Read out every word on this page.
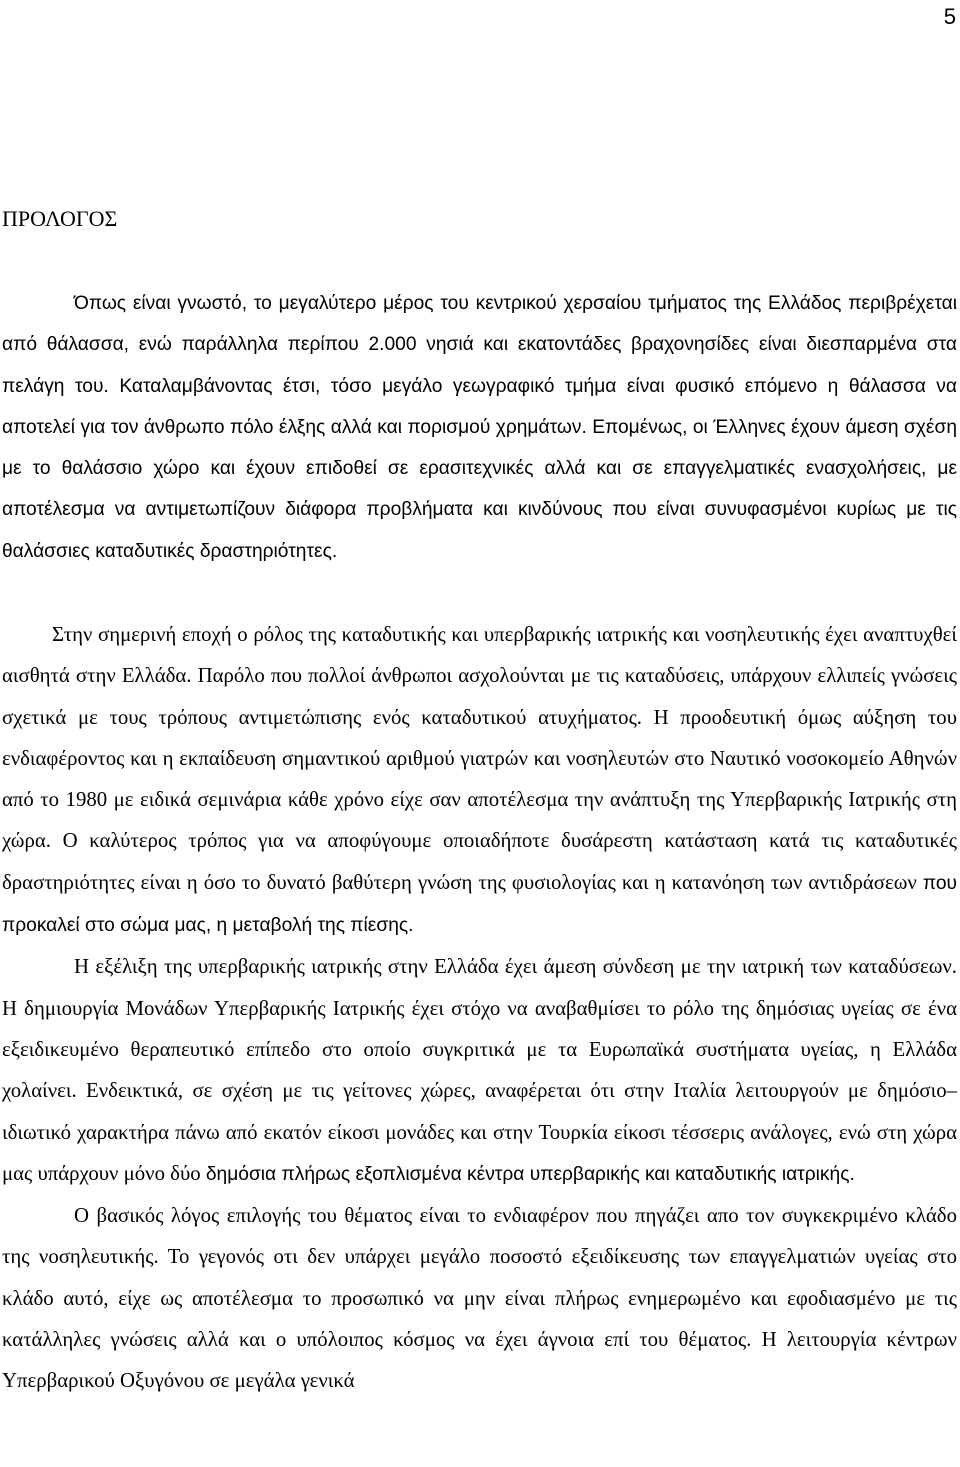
5
ΠΡΟΛΟΓΟΣ

Όπως είναι γνωστό, το μεγαλύτερο μέρος του κεντρικού χερσαίου τμήματος της Ελλάδος περιβρέχεται από θάλασσα, ενώ παράλληλα περίπου 2.000 νησιά και εκατοντάδες βραχονησίδες είναι διεσπαρμένα στα πελάγη του. Καταλαμβάνοντας έτσι, τόσο μεγάλο γεωγραφικό τμήμα είναι φυσικό επόμενο η θάλασσα να αποτελεί για τον άνθρωπο πόλο έλξης αλλά και πορισμού χρημάτων. Επομένως, οι Έλληνες έχουν άμεση σχέση με το θαλάσσιο χώρο και έχουν επιδοθεί σε ερασιτεχνικές αλλά και σε επαγγελματικές ενασχολήσεις, με αποτέλεσμα να αντιμετωπίζουν διάφορα προβλήματα και κινδύνους που είναι συνυφασμένοι κυρίως με τις θαλάσσιες καταδυτικές δραστηριότητες.

Στην σημερινή εποχή ο ρόλος της καταδυτικής και υπερβαρικής ιατρικής και νοσηλευτικής έχει αναπτυχθεί αισθητά στην Ελλάδα. Παρόλο που πολλοί άνθρωποι ασχολούνται με τις καταδύσεις, υπάρχουν ελλιπείς γνώσεις σχετικά με τους τρόπους αντιμετώπισης ενός καταδυτικού ατυχήματος. Η προοδευτική όμως αύξηση του ενδιαφέροντος και η εκπαίδευση σημαντικού αριθμού γιατρών και νοσηλευτών στο Ναυτικό νοσοκομείο Αθηνών από το 1980 με ειδικά σεμινάρια κάθε χρόνο είχε σαν αποτέλεσμα την ανάπτυξη της Υπερβαρικής Ιατρικής στη χώρα. Ο καλύτερος τρόπος για να αποφύγουμε οποιαδήποτε δυσάρεστη κατάσταση κατά τις καταδυτικές δραστηριότητες είναι η όσο το δυνατό βαθύτερη γνώση της φυσιολογίας και η κατανόηση των αντιδράσεων που προκαλεί στο σώμα μας, η μεταβολή της πίεσης.

Η εξέλιξη της υπερβαρικής ιατρικής στην Ελλάδα έχει άμεση σύνδεση με την ιατρική των καταδύσεων. Η δημιουργία Μονάδων Υπερβαρικής Ιατρικής έχει στόχο να αναβαθμίσει το ρόλο της δημόσιας υγείας σε ένα εξειδικευμένο θεραπευτικό επίπεδο στο οποίο συγκριτικά με τα Ευρωπαϊκά συστήματα υγείας, η Ελλάδα χολαίνει. Ενδεικτικά, σε σχέση με τις γείτονες χώρες, αναφέρεται ότι στην Ιταλία λειτουργούν με δημόσιο– ιδιωτικό χαρακτήρα πάνω από εκατόν είκοσι μονάδες και στην Τουρκία είκοσι τέσσερις ανάλογες, ενώ στη χώρα μας υπάρχουν μόνο δύο δημόσια πλήρως εξοπλισμένα κέντρα υπερβαρικής και καταδυτικής ιατρικής.

Ο βασικός λόγος επιλογής του θέματος είναι το ενδιαφέρον που πηγάζει απο τον συγκεκριμένο κλάδο της νοσηλευτικής. Το γεγονός οτι δεν υπάρχει μεγάλο ποσοστό εξειδίκευσης των επαγγελματιών υγείας στο κλάδο αυτό, είχε ως αποτέλεσμα το προσωπικό να μην είναι πλήρως ενημερωμένο και εφοδιασμένο με τις κατάλληλες γνώσεις αλλά και ο υπόλοιπος κόσμος να έχει άγνοια επί του θέματος. Η λειτουργία κέντρων Υπερβαρικού Οξυγόνου σε μεγάλα γενικά
